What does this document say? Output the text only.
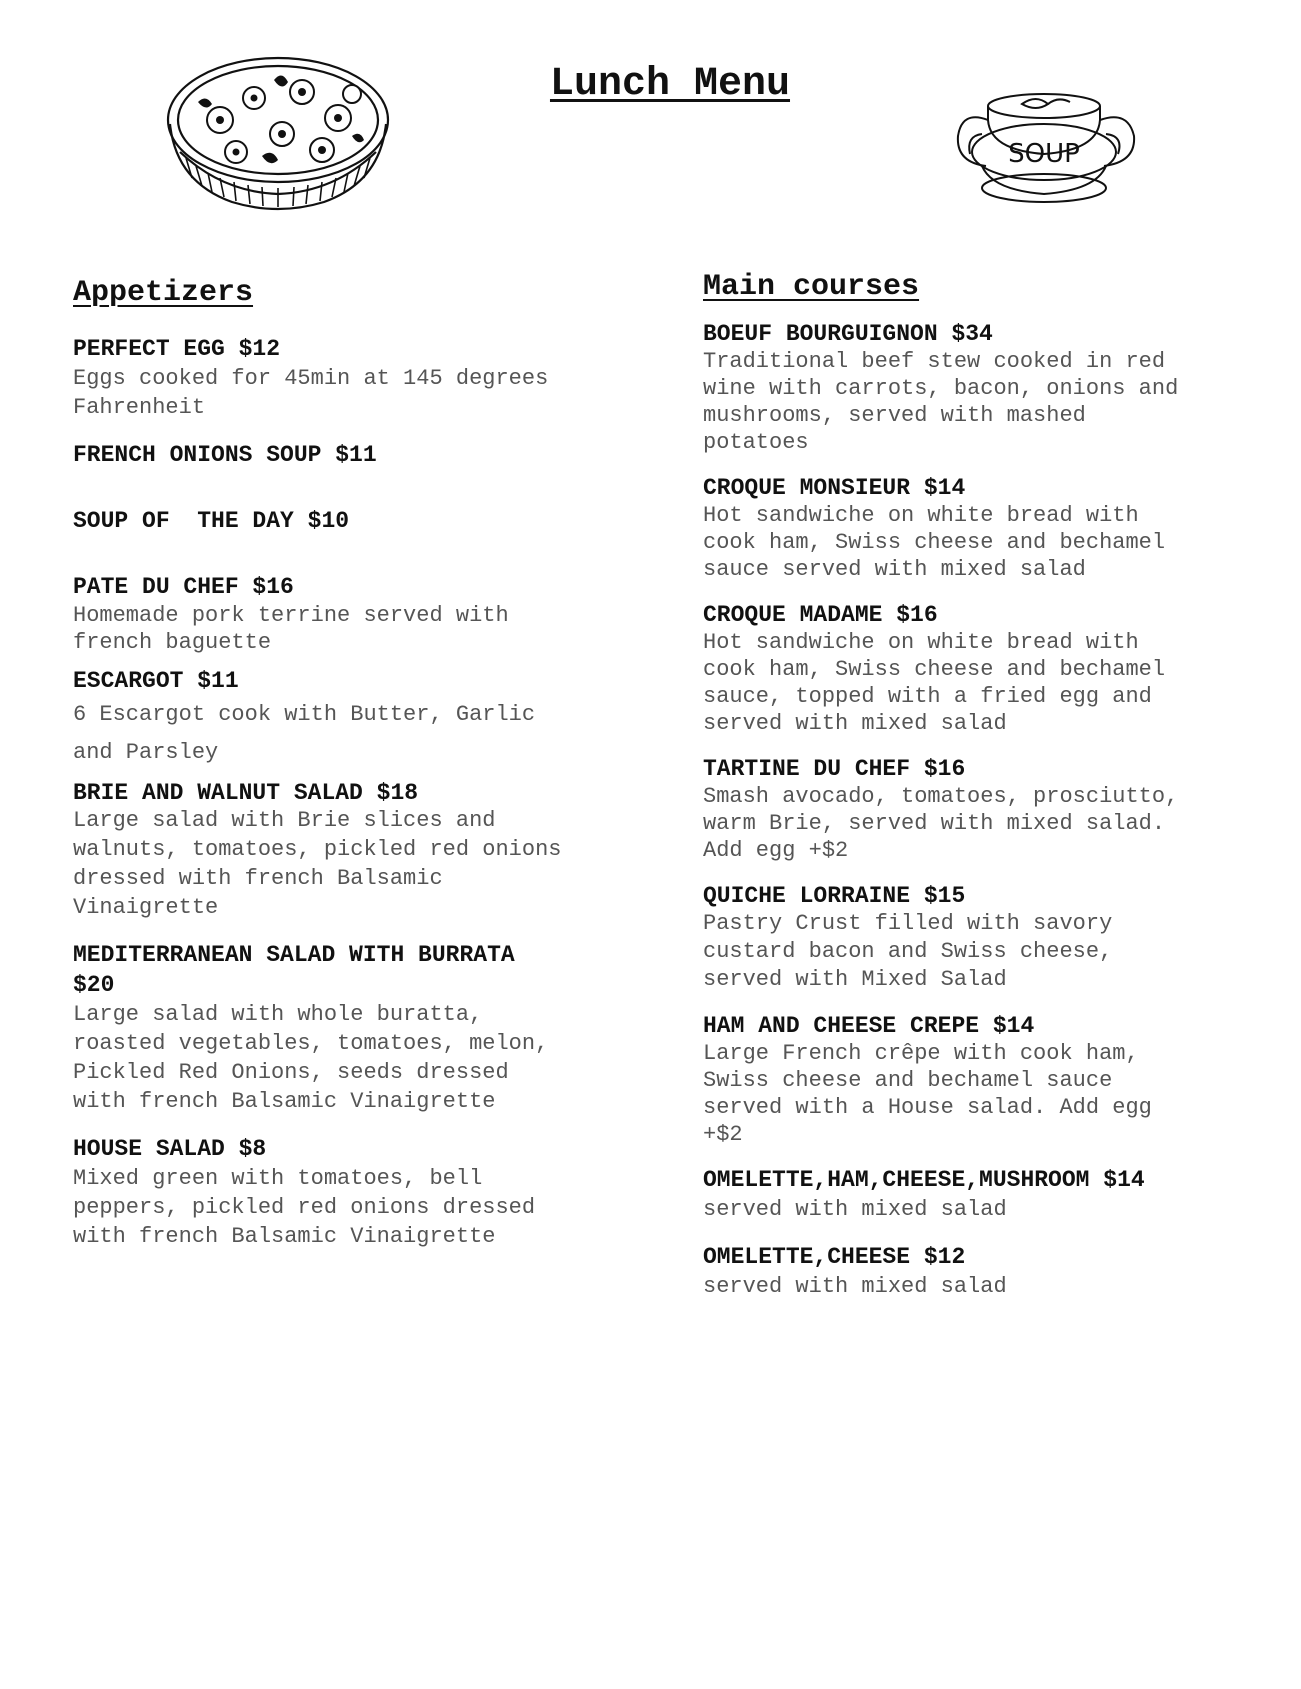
Lunch Menu
SOUP
Appetizers

PERFECT EGG $12

Eggs cooked for 45min at 145 degrees
Fahrenheit

FRENCH ONIONS SOUP $11

SOUP OF  THE DAY $10

PATE DU CHEF $16

Homemade pork terrine served with
french baguette

ESCARGOT $11

6 Escargot cook with Butter, Garlic
and Parsley

BRIE AND WALNUT SALAD $18

Large salad with Brie slices and
walnuts, tomatoes, pickled red onions
dressed with french Balsamic
Vinaigrette

MEDITERRANEAN SALAD WITH BURRATA
$20

Large salad with whole buratta,
roasted vegetables, tomatoes, melon,
Pickled Red Onions, seeds dressed
with french Balsamic Vinaigrette

HOUSE SALAD $8

Mixed green with tomatoes, bell
peppers, pickled red onions dressed
with french Balsamic Vinaigrette

Main courses

BOEUF BOURGUIGNON $34

Traditional beef stew cooked in red
wine with carrots, bacon, onions and
mushrooms, served with mashed
potatoes

CROQUE MONSIEUR $14

Hot sandwiche on white bread with
cook ham, Swiss cheese and bechamel
sauce served with mixed salad

CROQUE MADAME $16

Hot sandwiche on white bread with
cook ham, Swiss cheese and bechamel
sauce, topped with a fried egg and
served with mixed salad

TARTINE DU CHEF $16

Smash avocado, tomatoes, prosciutto,
warm Brie, served with mixed salad.
Add egg +$2

QUICHE LORRAINE $15

Pastry Crust filled with savory
custard bacon and Swiss cheese,
served with Mixed Salad

HAM AND CHEESE CREPE $14

Large French crêpe with cook ham,
Swiss cheese and bechamel sauce
served with a House salad. Add egg
+$2

OMELETTE,HAM,CHEESE,MUSHROOM $14

served with mixed salad

OMELETTE,CHEESE $12

served with mixed salad
